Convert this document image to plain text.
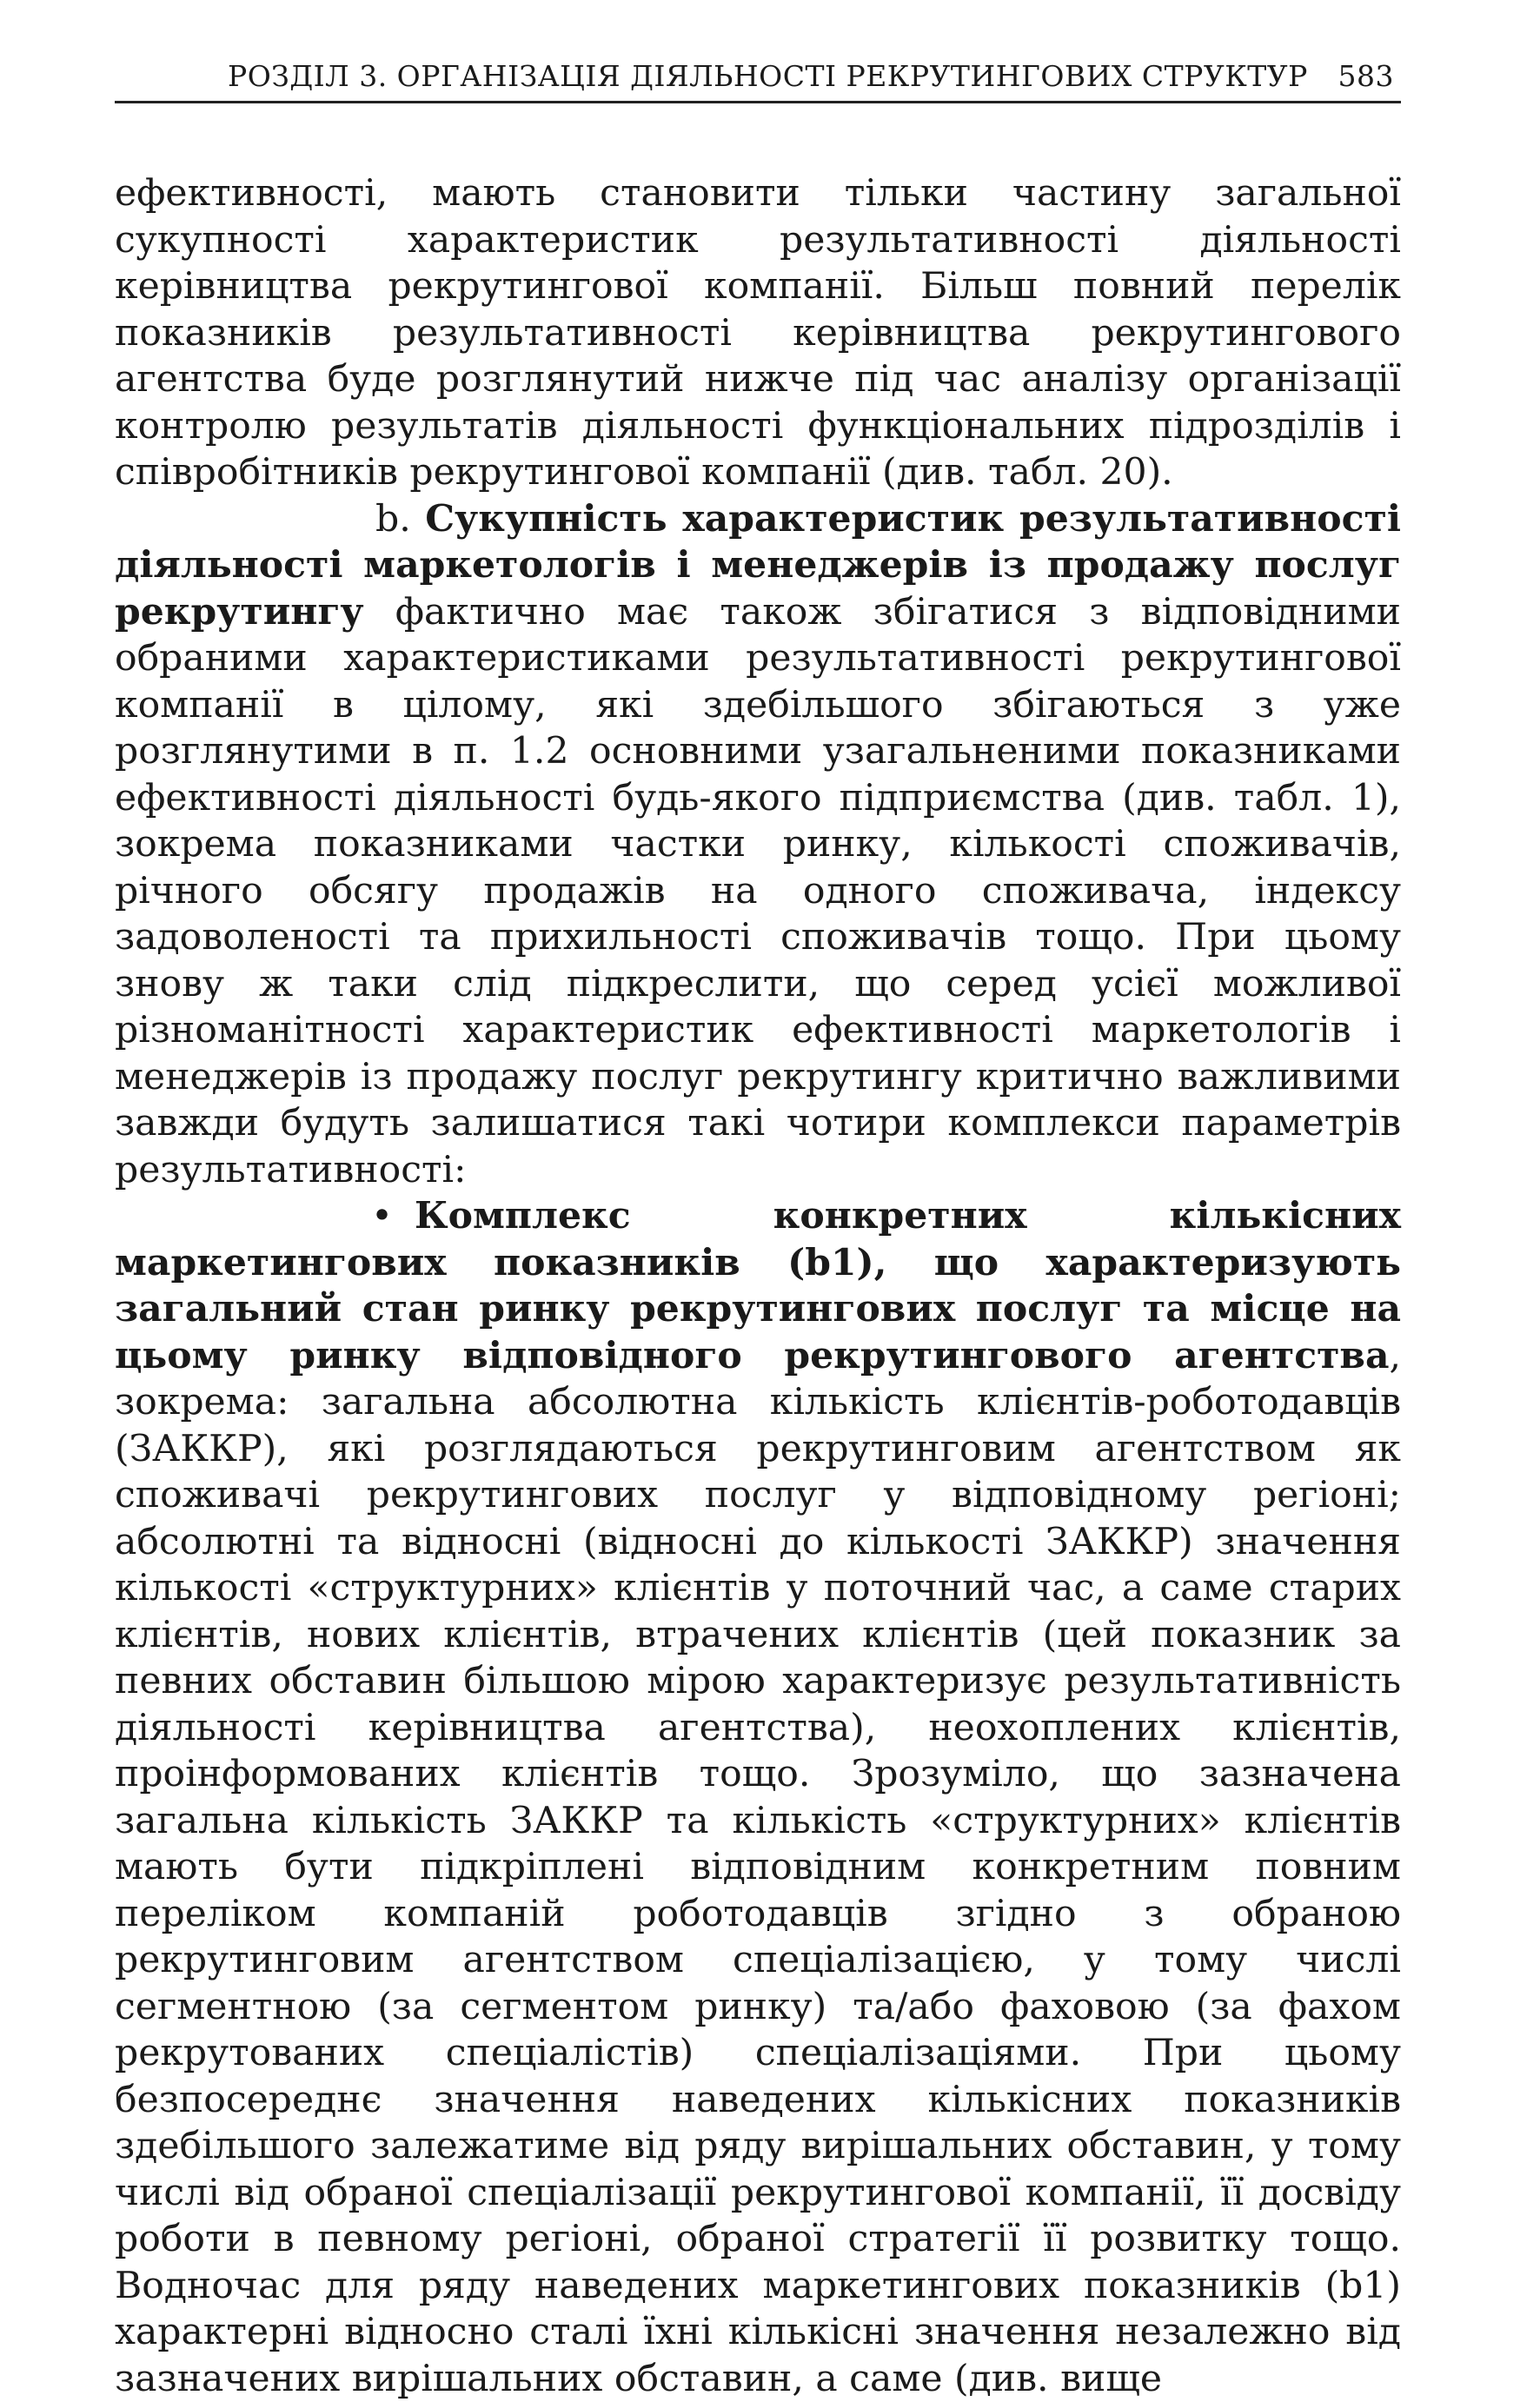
РОЗДІЛ 3. ОРГАНІЗАЦІЯ ДІЯЛЬНОСТІ РЕКРУТИНГОВИХ СТРУКТУР 583

ефективності, мають становити тільки частину загальної сукупності характеристик результативності діяльності керівництва рекрутингової компанії. Більш повний перелік показників результативності керівництва рекрутингового агентства буде розглянутий нижче під час аналізу організації контролю результатів діяльності функціональних підрозділів і співробітників рекрутингової компанії (див. табл. 20).

b. Сукупність характеристик результативності діяльності маркетологів і менеджерів із продажу послуг рекрутингу фактично має також збігатися з відповідними обраними характеристиками результативності рекрутингової компанії в цілому, які здебільшого збігаються з уже розглянутими в п. 1.2 основними узагальненими показниками ефективності діяльності будь-якого підприємства (див. табл. 1), зокрема показниками частки ринку, кількості споживачів, річного обсягу продажів на одного споживача, індексу задоволеності та прихильності споживачів тощо. При цьому знову ж таки слід підкреслити, що серед усієї можливої різноманітності характеристик ефективності маркетологів і менеджерів із продажу послуг рекрутингу критично важливими завжди будуть залишатися такі чотири комплекси параметрів результативності:

• Комплекс конкретних кількісних маркетингових показників (b1), що характеризують загальний стан ринку рекрутингових послуг та місце на цьому ринку відповідного рекрутингового агентства, зокрема: загальна абсолютна кількість клієнтів-роботодавців (ЗАККР), які розглядаються рекрутинговим агентством як споживачі рекрутингових послуг у відповідному регіоні; абсолютні та відносні (відносні до кількості ЗАККР) значення кількості «структурних» клієнтів у поточний час, а саме старих клієнтів, нових клієнтів, втрачених клієнтів (цей показник за певних обставин більшою мірою характеризує результативність діяльності керівництва агентства), неохоплених клієнтів, проінформованих клієнтів тощо. Зрозуміло, що зазначена загальна кількість ЗАККР та кількість «структурних» клієнтів мають бути підкріплені відповідним конкретним повним переліком компаній роботодавців згідно з обраною рекрутинговим агентством спеціалізацією, у тому числі сегментною (за сегментом ринку) та/або фаховою (за фахом рекрутованих спеціалістів) спеціалізаціями. При цьому безпосереднє значення наведених кількісних показників здебільшого залежатиме від ряду вирішальних обставин, у тому числі від обраної спеціалізації рекрутингової компанії, її досвіду роботи в певному регіоні, обраної стратегії її розвитку тощо. Водночас для ряду наведених маркетингових показників (b1) характерні відносно сталі їхні кількісні значення незалежно від зазначених вирішальних обставин, а саме (див. вище
